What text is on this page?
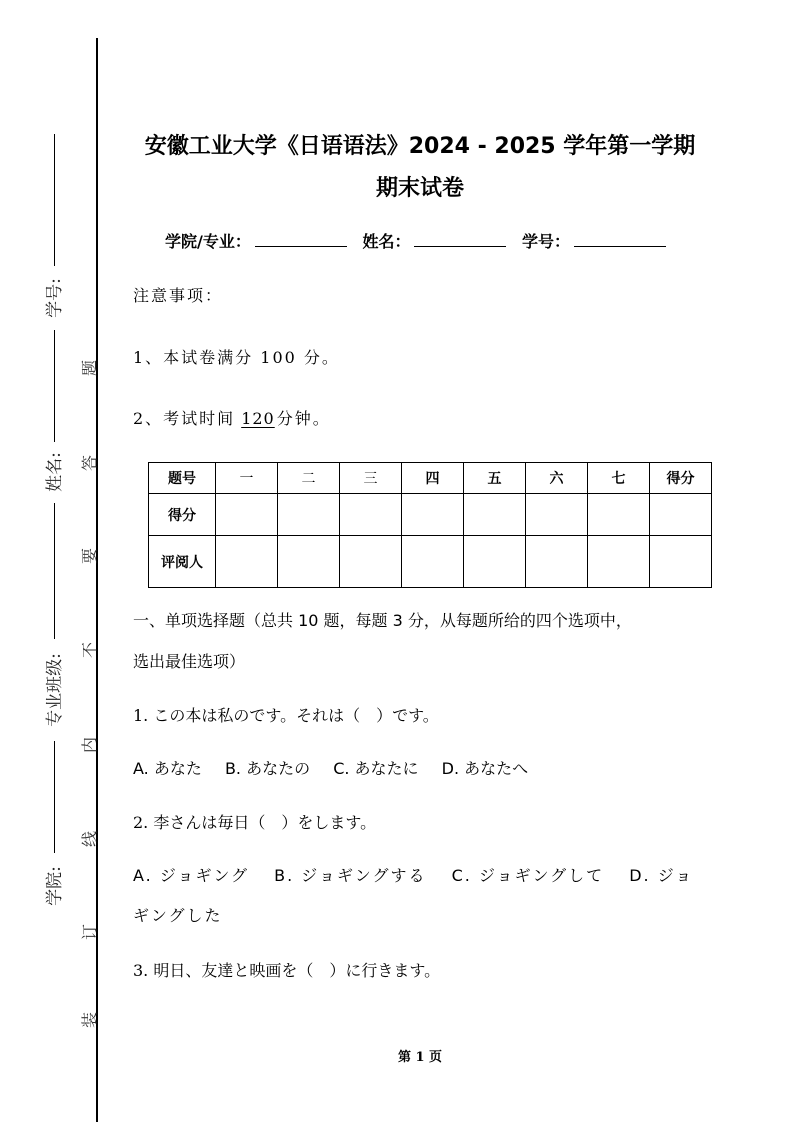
学号:
姓名:
专业班级:
学院:
题
答
要
不
内
线
订
装
安徽工业大学《日语语法》2024 - 2025 学年第一学期
期末试卷
学院/专业：	姓名：	学号：
注意事项：
1、本试卷满分 100 分。
2、考试时间 120 分钟。
题号	一	二	三	四	五	六	七	得分
得分								
评阅人								
一、单项选择题（总共 10 题，每题 3 分，从每题所给的四个选项中，
选出最佳选项）
1. この本は私のです。それは（　）です。
A. あなた B. あなたの C. あなたに D. あなたへ
2. 李さんは毎日（　）をします。
A. ジョギング B. ジョギングする C. ジョギングして D. ジョ
ギングした
3. 明日、友達と映画を（　）に行きます。
第 1 页
